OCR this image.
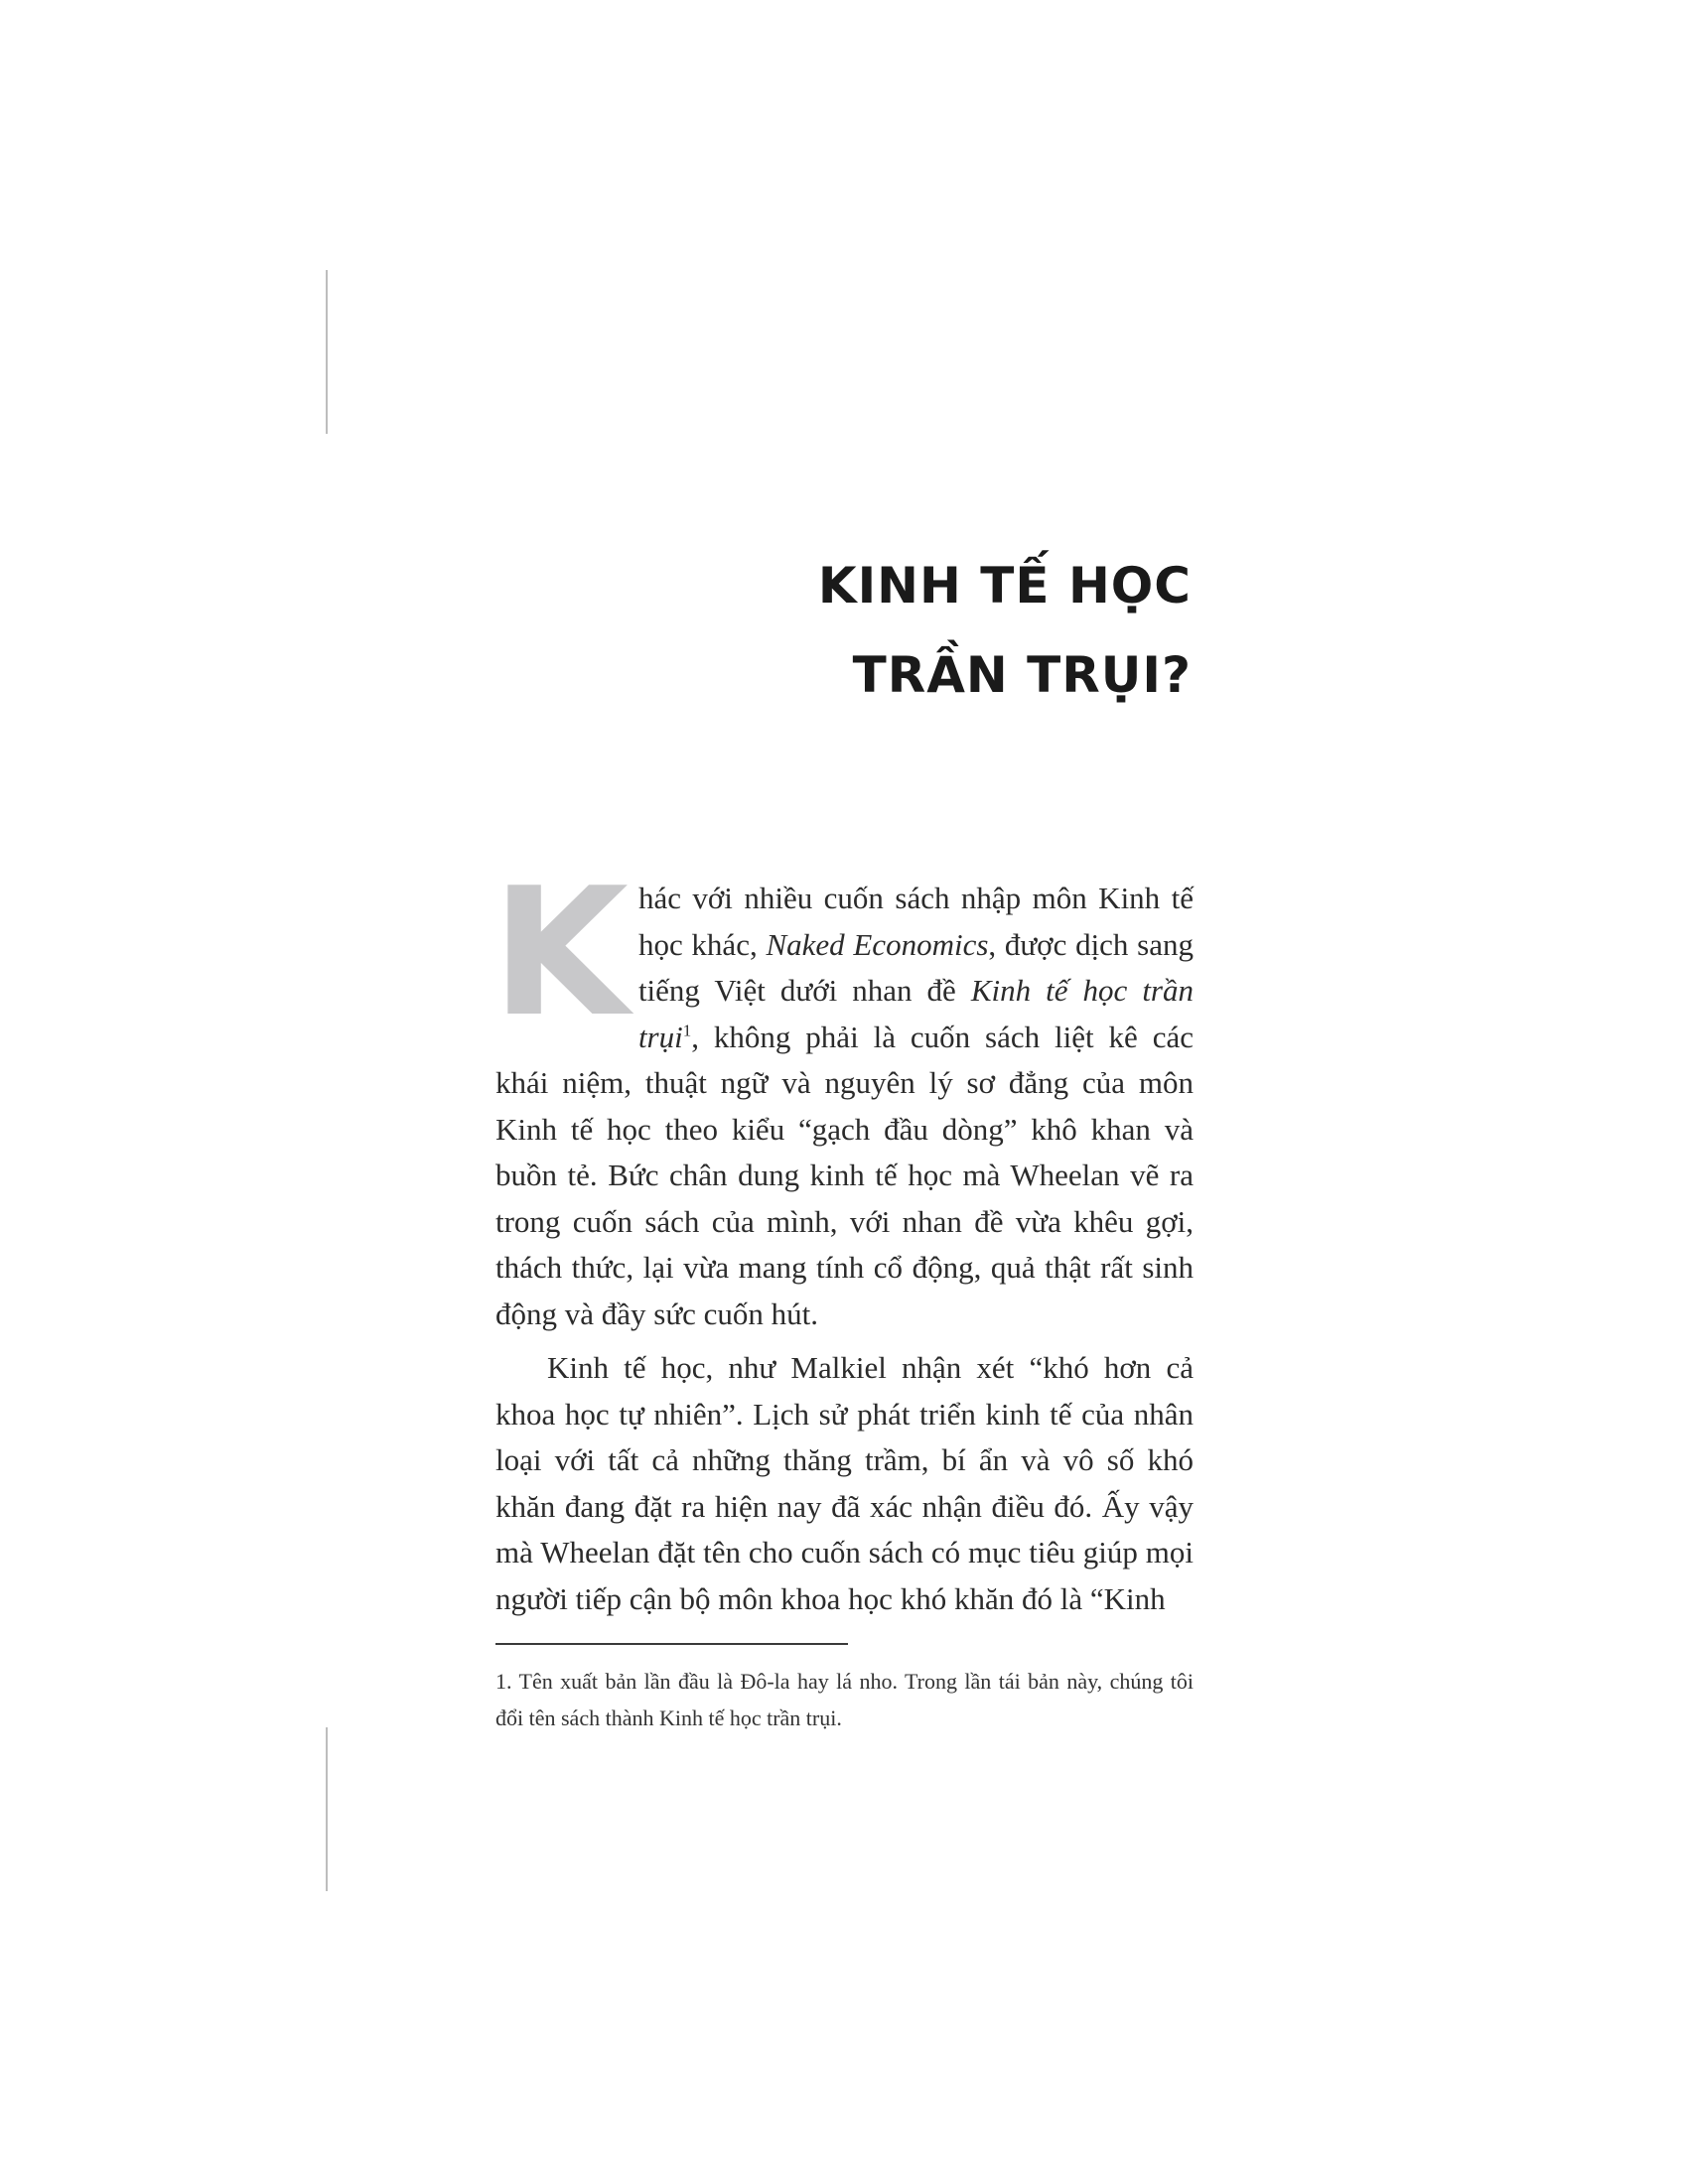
KINH TẾ HỌC
TRẦN TRỤI?

Khác với nhiều cuốn sách nhập môn Kinh tế học khác, Naked Economics, được dịch sang tiếng Việt dưới nhan đề Kinh tế học trần trụi$^1$, không phải là cuốn sách liệt kê các khái niệm, thuật ngữ và nguyên lý sơ đẳng của môn Kinh tế học theo kiểu “gạch đầu dòng” khô khan và buồn tẻ. Bức chân dung kinh tế học mà Wheelan vẽ ra trong cuốn sách của mình, với nhan đề vừa khêu gợi, thách thức, lại vừa mang tính cổ động, quả thật rất sinh động và đầy sức cuốn hút.

Kinh tế học, như Malkiel nhận xét “khó hơn cả khoa học tự nhiên”. Lịch sử phát triển kinh tế của nhân loại với tất cả những thăng trầm, bí ẩn và vô số khó khăn đang đặt ra hiện nay đã xác nhận điều đó. Ấy vậy mà Wheelan đặt tên cho cuốn sách có mục tiêu giúp mọi người tiếp cận bộ môn khoa học khó khăn đó là “Kinh

1. Tên xuất bản lần đầu là Đô-la hay lá nho. Trong lần tái bản này, chúng tôi đổi tên sách thành Kinh tế học trần trụi.
